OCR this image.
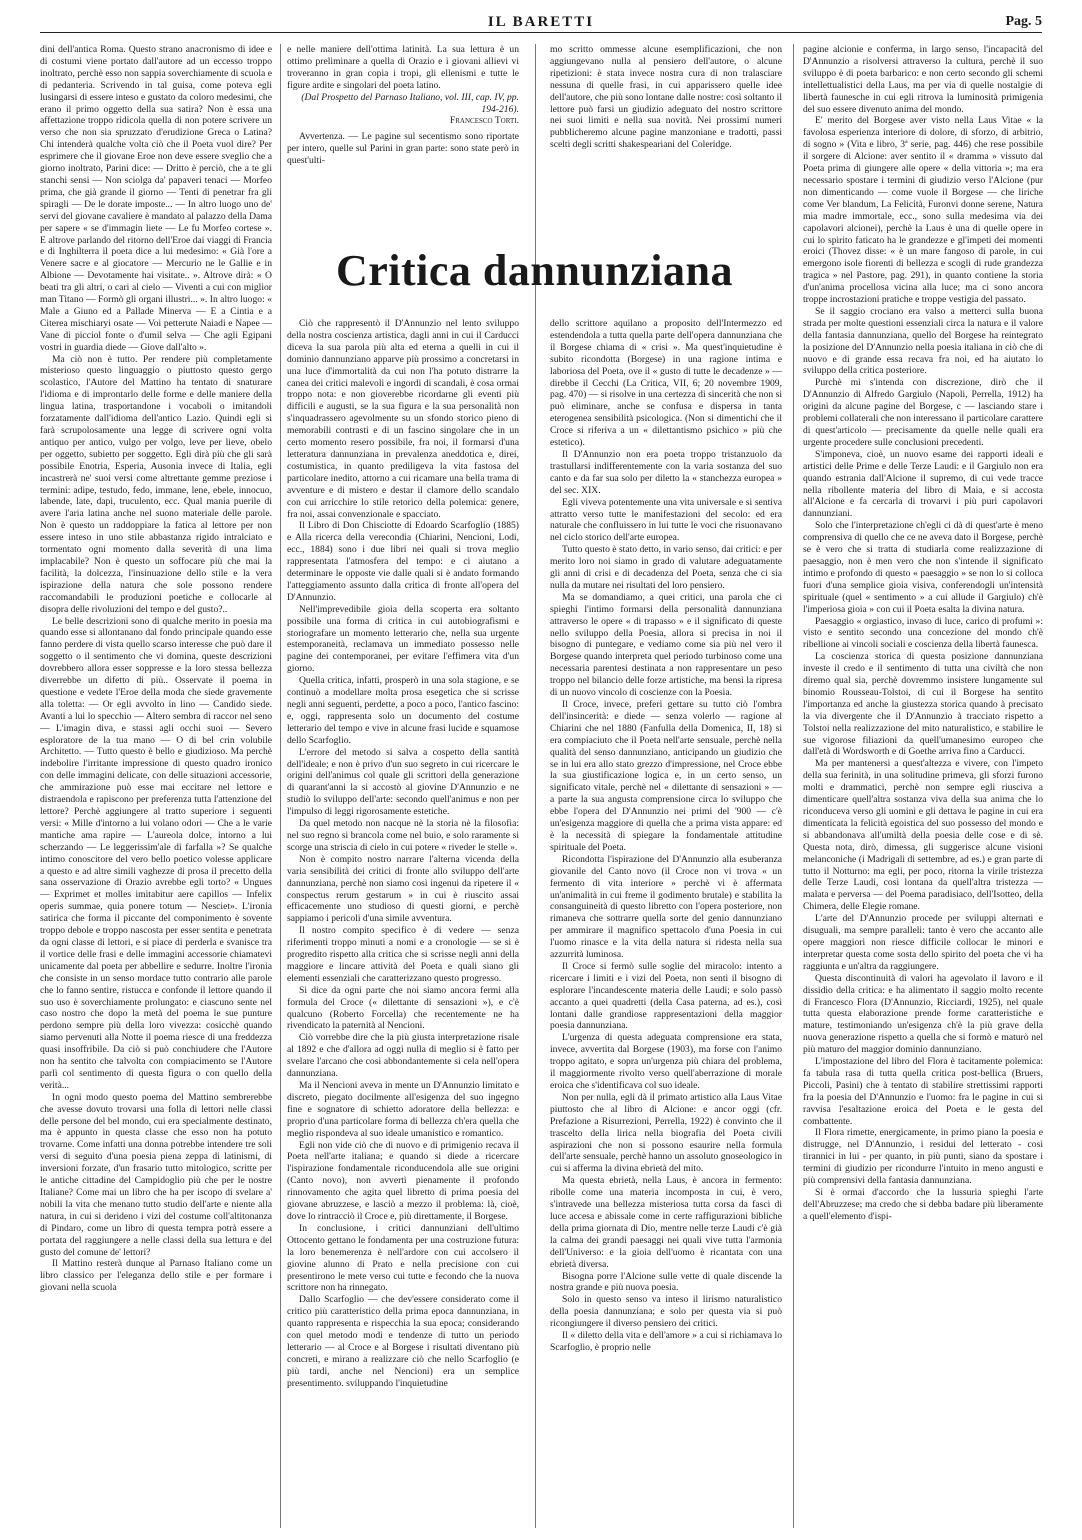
IL BARETTI	Pag. 5

dini dell'antica Roma. Questo strano anacronismo di idee e di costumi viene portato dall'autore ad un eccesso troppo inoltrato, perchè esso non sappia soverchiamente di scuola e di pedanteria. Scrivendo in tal guisa, come poteva egli lusingarsi di essere inteso e gustato da coloro medesimi, che erano il primo oggetto della sua satira? Non è essa una affettazione troppo ridicola quella di non potere scrivere un verso che non sia spruzzato d'erudizione Greca o Latina? Chi intenderà qualche volta ciò che il Poeta vuol dire? Per esprimere che il giovane Eroe non deve essere sveglio che a giorno inoltrato, Parini dice: — Dritto è perciò, che a te gli stanchi sensi — Non sciolga da' papaveri tenaci — Morfeo prima, che già grande il giorno — Tenti di penetrar fra gli spiragli — De le dorate imposte... — In altro luogo uno de' servi del giovane cavaliere è mandato al palazzo della Dama per sapere « se d'immagin liete — Le fu Morfeo cortese ». E altrove parlando del ritorno dell'Eroe dai viaggi di Francia e di Inghilterra il poeta dice a lui medesimo: « Già l'ore a Venere sacre e al giocatore — Mercurio ne le Gallie e in Albione — Devotamente hai visitate.. ». Altrove dirà: « O beati tra gli altri, o cari al cielo — Viventi a cui con miglior man Titano — Formò gli organi illustri... ». In altro luogo: « Male a Giuno ed a Pallade Minerva — E a Cintia e a Citerea mischiaryi osate — Voi petterute Naiadi e Napee — Vane di picciol fonte o d'umil selva — Che agli Egipani vostri in guardia diede — Giove dall'alto ».

Ma ciò non è tutto. Per rendere più completamente misterioso questo linguaggio o piuttosto questo gergo scolastico, l'Autore del Mattino ha tentato di snaturare l'idioma e di improntarlo delle forme e delle maniere della lingua latina, trasportandone i vocaboli o imitandoli forzatamente dall'idioma dell'antico Lazio. Quindi egli si farà scrupolosamente una legge di scrivere ogni volta antiquo per antico, vulgo per volgo, leve per lieve, obelo per oggetto, subietto per soggetto. Egli dirà più che gli sarà possibile Enotria, Esperia, Ausonia invece di Italia, egli incastrerà ne' suoi versi come altrettante gemme preziose i termini: adipe, testudo, fedo, immane, lene, ebele, innocuo, labende, late, dapi, truculento, ecc. Qual mania puerile di avere l'aria latina anche nel suono materiale delle parole. Non è questo un raddoppiare la fatica al lettore per non essere inteso in uno stile abbastanza rigido intralciato e tormentato ogni momento dalla severità di una lima implacabile? Non è questo un soffocare più che mai la facilità, la dolcezza, l'insinuazione dello stile e la vera ispirazione della natura che sole possono rendere raccomandabili le produzioni poetiche e collocarle al disopra delle rivoluzioni del tempo e del gusto?..

Le belle descrizioni sono di qualche merito in poesia ma quando esse si allontanano dal fondo principale quando esse fanno perdere di vista quello scarso interesse che può dare il soggetto o il sentimento che vi domina, queste descrizioni dovrebbero allora esser soppresse e la loro stessa bellezza diverrebbe un difetto di più.. Osservate il poema in questione e vedete l'Eroe della moda che siede gravemente alla toletta: — Or egli avvolto in lino — Candido siede. Avanti a lui lo specchio — Altero sembra di raccor nel seno — L'imagin diva, e stassi agli occhi suoi — Severo esploratore de la tua mano — O di bel crin volubile Architetto. — Tutto questo è bello e giudizioso. Ma perchè indebolire l'irritante impressione di questo quadro ironico con delle immagini delicate, con delle situazioni accessorie, che ammirazione può esse mai eccitare nel lettore e distraendola e rapiscono per preferenza tutta l'attenzione del lettore? Perchè aggiungere al tratto superiore i seguenti versi: « Mille d'intorno a lui volano odori — Che a le varie mantiche ama rapire — L'aureola dolce, intorno a lui scherzando — Le leggerissim'ale di farfalla »? Se qualche intimo conoscitore del vero bello poetico volesse applicare a questo e ad altre simili vaghezze di prosa il precetto della sana osservazione di Orazio avrebbe egli torto? « Ungues — Exprimet et molles imitabitur aere capillos — Infelix operis summae, quia ponere totum — Nesciet». L'ironia satirica che forma il piccante del componimento è sovente troppo debole e troppo nascosta per esser sentita e penetrata da ogni classe di lettori, e si piace di perderla e svanisce tra il vortice delle frasi e delle immagini accessorie chiamatevi unicamente dal poeta per abbellire e sedurre. Inoltre l'ironia che consiste in un senso mordace tutto contrario alle parole che lo fanno sentire, ristucca e confonde il lettore quando il suo uso è soverchiamente prolungato: e ciascuno sente nel caso nostro che dopo la metà del poema le sue punture perdono sempre più della loro vivezza: cosicchè quando siamo pervenuti alla Notte il poema riesce di una freddezza quasi insoffribile. Da ciò si può conchiudere che l'Autore non ha sentito che talvolta con compiacimento se l'Autore parlì col sentimento di questa figura o con quello della verità...

In ogni modo questo poema del Mattino sembrerebbe che avesse dovuto trovarsi una folla di lettori nelle classi delle persone del bel mondo, cui era specialmente destinato, ma è appunto in questa classe che esso non ha potuto trovarne. Come infatti una donna potrebbe intendere tre soli versi di seguito d'una poesia piena zeppa di latinismi, di inversioni forzate, d'un frasario tutto mitologico, scritte per le antiche cittadine del Campidoglio più che per le nostre Italiane? Come mai un libro che ha per iscopo di svelare a' nobili la vita che menano tutto studio dell'arte e niente alla natura, in cui si derideno i vizi del costume coll'altitonanza di Pindaro, come un libro di questa tempra potrà essere a portata del raggiungere a nelle classi della sua lettura e del gusto del comune de' lettori?

Il Mattino resterà dunque al Parnaso Italiano come un libro classico per l'eleganza dello stile e per formare i giovani nella scuola

e nelle maniere dell'ottima latinità. La sua lettura è un ottimo preliminare a quella di Orazio e i giovani allievi vi troveranno in gran copia i tropi, gli ellenismi e tutte le figure ardite e singolari del poeta latino.

(Dal Prospetto del Parnaso Italiano, vol. III, cap. IV, pp. 194-216).

Francesco Torti.

Avvertenza. — Le pagine sul secentismo sono riportate per intero, quelle sul Parini in gran parte: sono state però in quest'ulti-

mo scritto ommesse alcune esemplificazioni, che non aggiungevano nulla al pensiero dell'autore, o alcune ripetizioni: è stata invece nostra cura di non tralasciare nessuna di quelle frasi, in cui apparissero quelle idee dell'autore, che più sono lontane dalle nostre: così soltanto il lettore può farsi un giudizio adeguato del nostro scrittore nei suoi limiti e nella sua novità. Nei prossimi numeri pubblicheremo alcune pagine manzoniane e tradotti, passi scelti degli scritti shakespeariani del Coleridge.

Critica dannunziana

Ciò che rappresentò il D'Annunzio nel lento sviluppo della nostra coscienza artistica, dagli anni in cui il Carducci diceva la sua parola più alta ed eterna a quelli in cui il dominio dannunziano apparve più prossimo a concretarsi in una luce d'immortalità da cui non l'ha potuto distrarre la canea dei critici malevoli e ingordi di scandali, è cosa ormai troppo nota: e non gioverebbe ricordarne gli eventi più difficili e augusti, se la sua figura e la sua personalità non s'inquadrassero agevolmente su un sfondo storico pieno di memorabili contrasti e di un fascino singolare che in un certo momento resero possibile, fra noi, il formarsi d'una letteratura dannunziana in prevalenza aneddotica e, direi, costumistica, in quanto prediligeva la vita fastosa del particolare inedito, attorno a cui ricamare una bella trama di avventure e di mistero e destar il clamore dello scandalo con cui arricchire lo stile retorico della polemica: genere, fra noi, assai convenzionale e spacciato.

Il Libro di Don Chisciotte di Edoardo Scarfoglio (1885) e Alla ricerca della verecondia (Chiarini, Nencioni, Lodi, ecc., 1884) sono i due libri nei quali si trova meglio rappresentata l'atmosfera del tempo: e ci aiutano a determinare le opposte vie dalle quali si è andato formando l'atteggiamento assunto dalla critica di fronte all'opera del D'Annunzio.

Nell'imprevedibile gioia della scoperta era soltanto possibile una forma di critica in cui autobiografismi e storiografare un momento letterario che, nella sua urgente estemporaneità, reclamava un immediato possesso nelle pagine dei contemporanei, per evitare l'effimera vita d'un giorno.

Quella critica, infatti, prosperò in una sola stagione, e se continuò a modellare molta prosa esegetica che si scrisse negli anni seguenti, perdette, a poco a poco, l'antico fascino: e, oggi, rappresenta solo un documento del costume letterario del tempo e vive in alcune frasi lucide e squamose dello Scarfoglio.

L'errore del metodo si salva a cospetto della santità dell'ideale; e non è privo d'un suo segreto in cui ricercare le origini dell'animus col quale gli scrittori della generazione di quarant'anni la si accostò al giovine D'Annunzio e ne studiò lo sviluppo dell'arte: secondo quell'animus e non per l'impulso di leggi rigorosamente estetiche.

Da quel metodo non nacque nè la storia nè la filosofia: nel suo regno si brancola come nel buio, e solo raramente si scorge una striscia di cielo in cui potere « riveder le stelle ».

Non è compito nostro narrare l'alterna vicenda della varia sensibilità dei critici di fronte allo sviluppo dell'arte dannunziana, perchè non siamo così ingenui da ripetere il « conspectus rerum gestarum » in cui è riuscito assai efficacemente uno studioso di questi giorni, e perchè sappiamo i pericoli d'una simile avventura.

Il nostro compito specifico è di vedere — senza riferimenti troppo minuti a nomi e a cronologie — se si è progredito rispetto alla critica che si scrisse negli anni della maggiore e lincare attività del Poeta e quali siano gli elementi essenziali che caratterizzano questo progresso.

Si dice da ogni parte che noi siamo ancora fermi alla formula del Croce (« dilettante di sensazioni »), e c'è qualcuno (Roberto Forcella) che recentemente ne ha rivendicato la paternità al Nencioni.

Ciò vorrebbe dire che la più giusta interpretazione risale al 1892 e che d'allora ad oggi nulla di meglio si è fatto per svelare l'arcano che così abbondantemente si cela nell'opera dannunziana.

Ma il Nencioni aveva in mente un D'Annunzio limitato e discreto, piegato docilmente all'esigenza del suo ingegno fine e sognatore di schietto adoratore della bellezza: e proprio d'una particolare forma di bellezza ch'era quella che meglio rispondeva al suo ideale umanistico e romantico.

Egli non vide ciò che di nuovo e di primigenio recava il Poeta nell'arte italiana; e quando si diede a ricercare l'ispirazione fondamentale riconducendola alle sue origini (Canto novo), non avvertì pienamente il profondo rinnovamento che agita quel libretto di prima poesia del giovane abruzzese, e lasciò a mezzo il problema: là, cioè, dove lo rintracciò il Croce e, più direttamente, il Borgese.

In conclusione, i critici dannunziani dell'ultimo Ottocento gettano le fondamenta per una costruzione futura: la loro benemerenza è nell'ardore con cui accolsero il giovine alunno di Prato e nella precisione con cui presentirono le mete verso cui tutte e fecondo che la nuova scrittore non ha rinnegato.

Dallo Scarfoglio — che dev'essere considerato come il critico più caratteristico della prima epoca dannunziana, in quanto rappresenta e rispecchia la sua epoca; considerando con quel metodo modi e tendenze di tutto un periodo letterario — al Croce e al Borgese i risultati diventano più concreti, e mirano a realizzare ciò che nello Scarfoglio (e più tardi, anche nel Nencioni) era un semplice presentimento. sviluppando l'inquietudine

dello scrittore aquilano a proposito dell'Intermezzo ed estendendola a tutta quella parte dell'opera dannunziana che il Borgese chiama di « crisi ». Ma quest'inquietudine è subito ricondotta (Borgese) in una ragione intima e laboriosa del Poeta, ove il « gusto di tutte le decadenze » — direbbe il Cecchi (La Critica, VII, 6; 20 novembre 1909, pag. 470) — si risolve in una certezza di sincerità che non si può eliminare, anche se confusa e dispersa in tanta eterogenea sensibilità psicologica. (Non si dimentichi che il Croce si riferiva a un « dilettantismo psichico » più che estetico).

Il D'Annunzio non era poeta troppo tristanzuolo da trastullarsi indifferentemente con la varia sostanza del suo canto e da far sua solo per diletto la « stanchezza europea » del sec. XIX.

Egli viveva potentemente una vita universale e si sentiva attratto verso tutte le manifestazioni del secolo: ed era naturale che confluissero in lui tutte le voci che risuonavano nel ciclo storico dell'arte europea.

Tutto questo è stato detto, in vario senso, dai critici: e per merito loro noi siamo in grado di valutare adeguatamente gli anni di crisi e di decadenza del Poeta, senza che ci sia nulla da mutare nei risultati del loro pensiero.

Ma se domandiamo, a quei critici, una parola che ci spieghi l'intimo formarsi della personalità dannunziana attraverso le opere « di trapasso » e il significato di queste nello sviluppo della Poesia, allora si precisa in noi il bisogno di puntegare, e vediamo come sia più nel vero il Borgese quando interpreta quel periodo turbinoso come una necessaria parentesi destinata a non rappresentare un peso troppo nel bilancio delle forze artistiche, ma bensì la ripresa di un nuovo vincolo di coscienze con la Poesia.

Il Croce, invece, preferì gettare su tutto ciò l'ombra dell'insincerità: e diede — senza volerlo — ragione al Chiarini che nel 1880 (Fanfulla della Domenica, II, 18) si era compiaciuto che il Poeta nell'arte sensuale, perchè nella qualità del senso dannunziano, anticipando un giudizio che se in lui era allo stato grezzo d'impressione, nel Croce ebbe la sua giustificazione logica e, in un certo senso, un significato vitale, perchè nel « dilettante di sensazioni » — a parte la sua angusta comprensione circa lo sviluppo che ebbe l'opera del D'Annunzio nei primi del '900 — c'è un'esigenza maggiore di quella che a prima vista appare: ed è la necessità di spiegare la fondamentale attitudine spirituale del Poeta.

Ricondotta l'ispirazione del D'Annunzio alla esuberanza giovanile del Canto novo (il Croce non vi trova « un fermento di vita interiore » perchè vi è affermata un'animalità in cui freme il godimento brutale) e stabilita la consanguineità di questo libretto con l'opera posteriore, non rimaneva che sottrarre quella sorte del genio dannunziano per ammirare il magnifico spettacolo d'una Poesia in cui l'uomo rinasce e la vita della natura si ridesta nella sua azzurrità luminosa.

Il Croce si fermò sulle soglie del miracolo: intento a ricercare i limiti e i vizi del Poeta, non sentì il bisogno di esplorare l'incandescente materia delle Laudi; e solo passò accanto a quei quadretti (della Casa paterna, ad es.), così lontani dalle grandiose rappresentazioni della maggior poesia dannunziana.

L'urgenza di questa adeguata comprensione era stata, invece, avvertita dal Borgese (1903), ma forse con l'animo troppo agitato, e sopra un'urgenza più chiara del problema, il maggiormente rivolto verso quell'aberrazione di morale eroica che s'identificava col suo ideale.

Non per nulla, egli dà il primato artistico alla Laus Vitae piuttosto che al libro di Alcione: e ancor oggi (cfr. Prefazione a Risurrezioni, Perrella, 1922) è convinto che il trascelto della lirica nella biografia del Poeta civili aspirazioni che non si possono esaurire nella formula dell'arte sensuale, perchè hanno un assoluto gnoseologico in cui si afferma la divina ebrietà del mito.

Ma questa ebrietà, nella Laus, è ancora in fermento: ribolle come una materia incomposta in cui, è vero, s'intravede una bellezza misteriosa tutta corsa da fasci di luce accesa e abissale come in certe raffigurazioni bibliche della prima giornata di Dio, mentre nelle terze Laudi c'è già la calma dei grandi paesaggi nei quali vive tutta l'armonia dell'Universo: e la gioia dell'uomo è ricantata con una ebrietà diversa.

Bisogna porre l'Alcione sulle vette di quale discende la nostra grande e più nuova poesia.

Solo in questo senso va inteso il lirismo naturalistico della poesia dannunziana; e solo per questa via si può ricongiungere il diverso pensiero dei critici.

Il « diletto della vita e dell'amore » a cui si richiamava lo Scarfoglio, è proprio nelle

pagine alcionie e conferma, in largo senso, l'incapacità del D'Annunzio a risolversi attraverso la cultura, perchè il suo sviluppo è di poeta barbarico: e non certo secondo gli schemi intellettualistici della Laus, ma per via di quelle nostalgie di libertà faunesche in cui egli ritrova la luminosità primigenia del suo essere divenuto anima del mondo.

E' merito del Borgese aver visto nella Laus Vitae « la favolosa esperienza interiore di dolore, di sforzo, di arbitrio, di sogno » (Vita e libro, 3ª serie, pag. 446) che rese possibile il sorgere di Alcione: aver sentito il « dramma » vissuto dal Poeta prima di giungere alle opere « della vittoria »; ma era necessario spostare i termini di giudizio verso l'Alcione (pur non dimenticando — come vuole il Borgese — che liriche come Ver blandum, La Felicità, Furonvi donne serene, Natura mia madre immortale, ecc., sono sulla medesima via dei capolavori alcionei), perchè la Laus è una di quelle opere in cui lo spirito faticato ha le grandezze e gl'impeti dei momenti eroici (Thovez disse: « è un mare fangoso di parole, in cui emergono isole fiorenti di bellezza e scogli di rude grandezza tragica » nel Pastore, pag. 291), in quanto contiene la storia d'un'anima procellosa vicina alla luce; ma ci sono ancora troppe incrostazioni pratiche e troppe vestigia del passato.

Se il saggio crociano era valso a metterci sulla buona strada per molte questioni essenziali circa la natura e il valore della fantasia dannunziana, quello del Borgese ha reintegrato la posizione del D'Annunzio nella poesia italiana in ciò che di nuovo e di grande essa recava fra noi, ed ha aiutato lo sviluppo della critica posteriore.

Purchè mi s'intenda con discrezione, dirò che il D'Annunzio di Alfredo Gargiulo (Napoli, Perrella, 1912) ha origini da alcune pagine del Borgese, c — lasciando stare i problemi collaterali che non interessano il particolare carattere di quest'articolo — precisamente da quelle nelle quali era urgente procedere sulle conclusioni precedenti.

S'imponeva, cioè, un nuovo esame dei rapporti ideali e artistici delle Prime e delle Terze Laudi: e il Gargiulo non era quando estrania dall'Alcione il supremo, di cui vede tracce nella ribollente materia del libro di Maia, e si accosta all'Alcione e fa cercarla di trovarvi i più puri capolavori dannunziani.

Solo che l'interpretazione ch'egli ci dà di quest'arte è meno comprensiva di quello che ce ne aveva dato il Borgese, perchè se è vero che si tratta di studiarla come realizzazione di paesaggio, non è men vero che non s'intende il significato intimo e profondo di questo « paesaggio » se non lo si colloca fuori d'una semplice gioia visiva, conferendogli un'intensità spirituale (quel « sentimento » a cui allude il Gargiulo) ch'è l'imperiosa gioia » con cui il Poeta esalta la divina natura.

Paesaggio « orgiastico, invaso di luce, carico di profumi »: visto e sentito secondo una concezione del mondo ch'è ribellione ai vincoli sociali e coscienza della libertà faunesca.

La coscienza storica di questa posizione dannunziana investe il credo e il sentimento di tutta una civiltà che non diremo qual sia, perchè dovremmo insistere lungamente sul binomio Rousseau-Tolstoi, di cui il Borgese ha sentito l'importanza ed anche la giustezza storica quando à precisato la via divergente che il D'Annunzio à tracciato rispetto a Tolstoi nella realizzazione del mito naturalistico, e stabilire le sue vigorose filiazioni da quell'umanesimo europeo che dall'età di Wordsworth e di Goethe arriva fino a Carducci.

Ma per mantenersi a quest'altezza e vivere, con l'impeto della sua ferinità, in una solitudine primeva, gli sforzi furono molti e drammatici, perchè non sempre egli riusciva a dimenticare quell'altra sostanza viva della sua anima che lo riconduceva verso gli uomini e gli dettava le pagine in cui era dimenticata la felicità egoistica del suo possesso del mondo e si abbandonava all'umiltà della poesia delle cose e di sè. Questa nota, dirò, dimessa, gli suggerisce alcune visioni melanconiche (i Madrigali di settembre, ad es.) e gran parte di tutto il Notturno: ma egli, per poco, ritorna la virile tristezza delle Terze Laudi, così lontana da quell'altra tristezza — malata e perversa — del Poema paradisiaco, dell'Isotteo, della Chimera, delle Elegie romane.

L'arte del D'Annunzio procede per sviluppi alternati e disuguali, ma sempre paralleli: tanto è vero che accanto alle opere maggiori non riesce difficile collocar le minori e interpretar questa come sosta dello spirito del poeta che vi ha raggiunta e un'altra da raggiungere.

Questa discontinuità di valori ha agevolato il lavoro e il dissidio della critica: e ha alimentato il saggio molto recente di Francesco Flora (D'Annunzio, Ricciardi, 1925), nel quale tutta questa elaborazione prende forme caratteristiche e mature, testimoniando un'esigenza ch'è la più grave della nuova generazione rispetto a quella che si formò e maturò nel più maturo del maggior dominio dannunziano.

L'impostazione del libro del Flora è tacitamente polemica: fa tabula rasa di tutta quella critica post-bellica (Bruers, Piccoli, Pasini) che à tentato di stabilire strettissimi rapporti fra la poesia del D'Annunzio e l'uomo: fra le pagine in cui si ravvisa l'esaltazione eroica del Poeta e le gesta del combattente.

Il Flora rimette, energicamente, in primo piano la poesia e distrugge, nel D'Annunzio, i residui del letterato - così tirannici in lui - per quanto, in più punti, siano da spostare i termini di giudizio per ricondurre l'intuito in meno angusti e più comprensivi della fantasia dannunziana.

Si è ormai d'accordo che la lussuria spieghi l'arte dell'Abruzzese; ma credo che si debba badare più liberamente a quell'elemento d'ispi-
